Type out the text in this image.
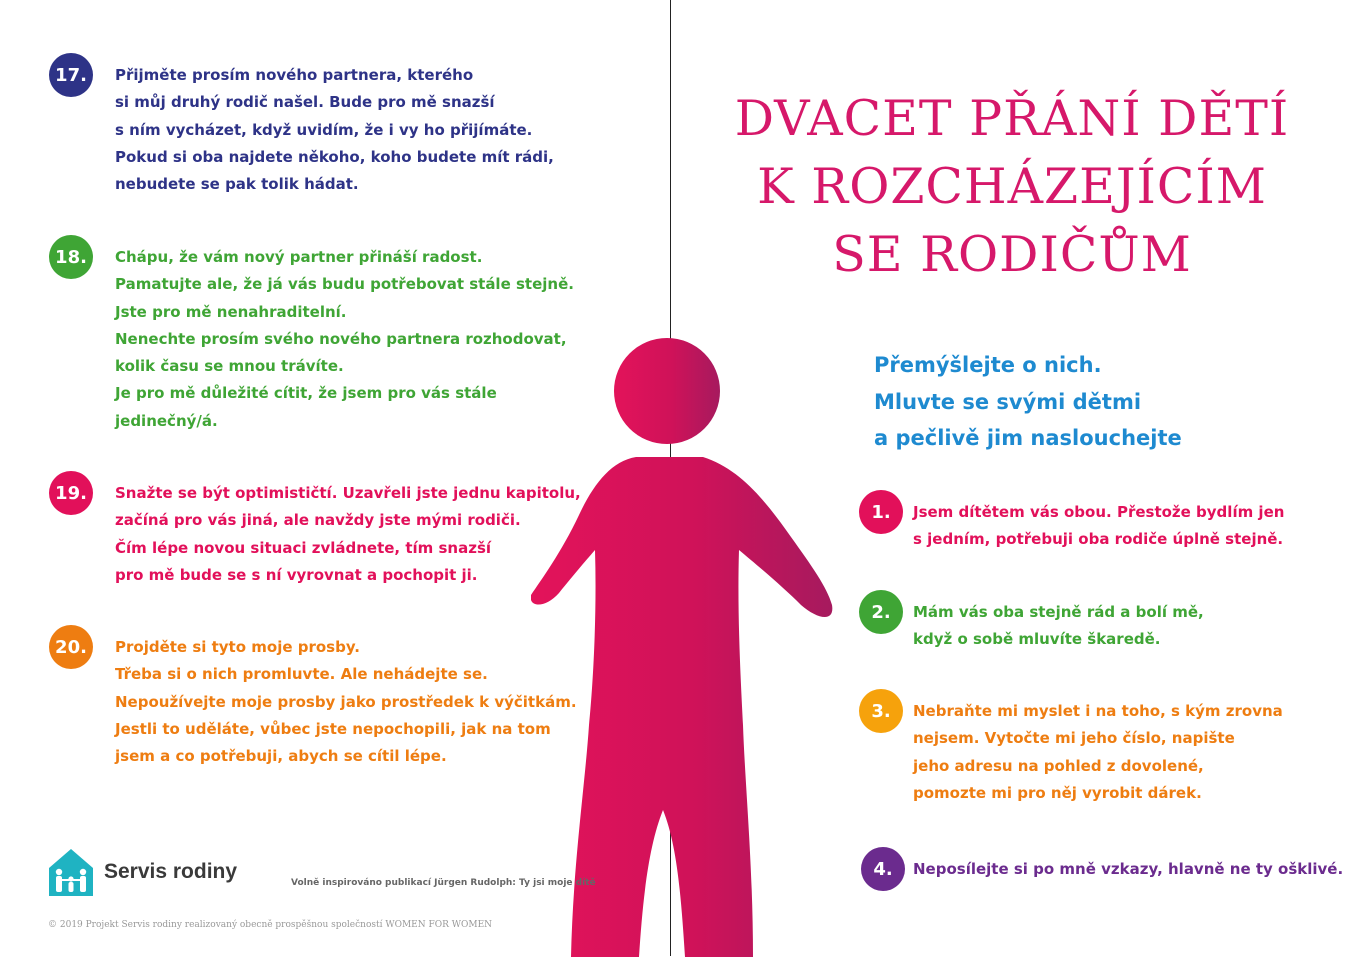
17.	Přijměte prosím nového partnera, kterého
si můj druhý rodič našel. Bude pro mě snazší
s ním vycházet, když uvidím, že i vy ho přijímáte.
Pokud si oba najdete někoho, koho budete mít rádi,
nebudete se pak tolik hádat.

18.	Chápu, že vám nový partner přináší radost.
Pamatujte ale, že já vás budu potřebovat stále stejně.
Jste pro mě nenahraditelní.
Nenechte prosím svého nového partnera rozhodovat,
kolik času se mnou trávíte.
Je pro mě důležité cítit, že jsem pro vás stále
jedinečný/á.

19.	Snažte se být optimističtí. Uzavřeli jste jednu kapitolu,
začíná pro vás jiná, ale navždy jste mými rodiči.
Čím lépe novou situaci zvládnete, tím snazší
pro mě bude se s ní vyrovnat a pochopit ji.

20.	Projděte si tyto moje prosby.
Třeba si o nich promluvte. Ale nehádejte se.
Nepoužívejte moje prosby jako prostředek k výčitkám.
Jestli to uděláte, vůbec jste nepochopili, jak na tom
jsem a co potřebuji, abych se cítil lépe.

DVACET PŘÁNÍ DĚTÍ
K ROZCHÁZEJÍCÍM
SE RODIČŮM

Přemýšlejte o nich.
Mluvte se svými dětmi
a pečlivě jim naslouchejte

1.	Jsem dítětem vás obou. Přestože bydlím jen
s jedním, potřebuji oba rodiče úplně stejně.

2.	Mám vás oba stejně rád a bolí mě,
když o sobě mluvíte škaredě.

3.	Nebraňte mi myslet i na toho, s kým zrovna
nejsem. Vytočte mi jeho číslo, napište
jeho adresu na pohled z dovolené,
pomozte mi pro něj vyrobit dárek.

4.	Neposílejte si po mně vzkazy, hlavně ne ty ošklivé.

Servis rodiny	Volně inspirováno publikací Jürgen Rudolph: Ty jsi moje dítě
© 2019 Projekt Servis rodiny realizovaný obecně prospěšnou společností WOMEN FOR WOMEN
